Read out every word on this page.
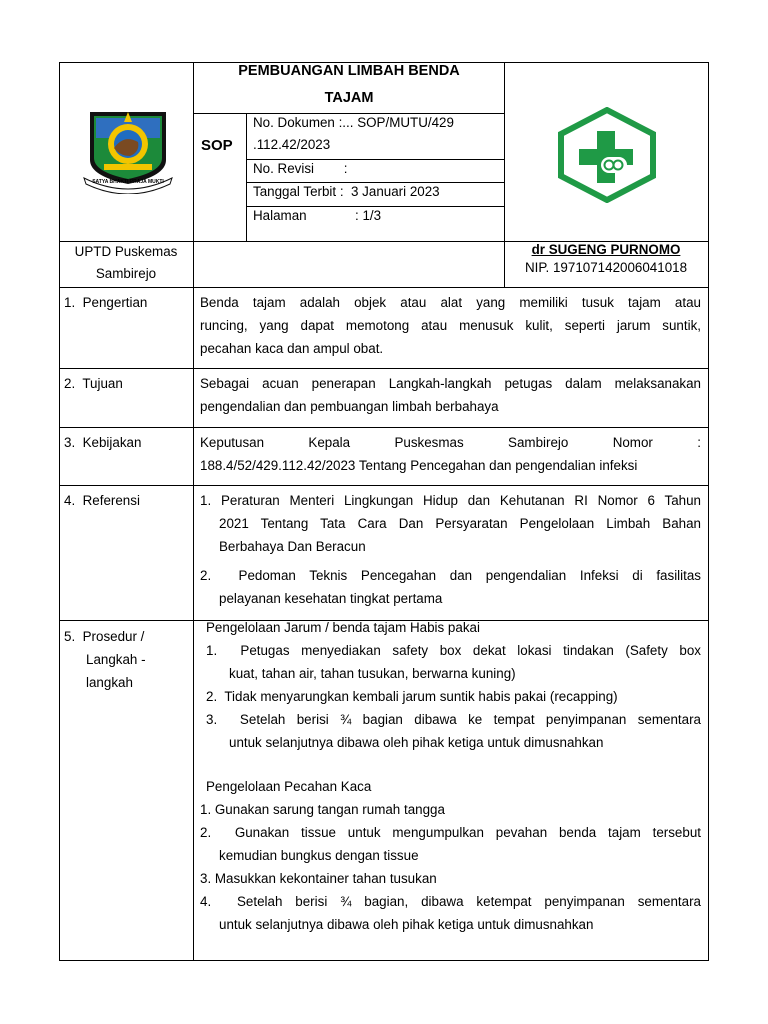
SATYA BHAKTI PRAJA MUKTI
PEMBUANGAN LIMBAH BENDA
TAJAM
SOP
No. Dokumen :... SOP/MUTU/429
.112.42/2023
No. Revisi        :
Tanggal Terbit :  3 Januari 2023
Halaman	: 1/3
UPTD Puskemas
Sambirejo
dr SUGENG PURNOMO
NIP. 197107142006041018
1.  Pengertian	Benda tajam adalah objek atau alat yang memiliki tusuk tajam atau
runcing, yang dapat memotong atau menusuk kulit, seperti jarum suntik,
pecahan kaca dan ampul obat.
2.  Tujuan	Sebagai acuan penerapan Langkah-langkah petugas dalam melaksanakan
pengendalian dan pembuangan limbah berbahaya
3.  Kebijakan	Keputusan	Kepala	Puskesmas	Sambirejo	Nomor	:
188.4/52/429.112.42/2023 Tentang Pencegahan dan pengendalian infeksi
4.  Referensi	1. Peraturan Menteri Lingkungan Hidup dan Kehutanan RI Nomor 6 Tahun
2021 Tentang Tata Cara Dan Persyaratan Pengelolaan Limbah Bahan
Berbahaya Dan Beracun
2.  Pedoman Teknis Pencegahan dan pengendalian Infeksi di fasilitas
pelayanan kesehatan tingkat pertama
5.  Prosedur /
Langkah -
langkah
Pengelolaan Jarum / benda tajam Habis pakai
1.  Petugas menyediakan safety box dekat lokasi tindakan (Safety box
kuat, tahan air, tahan tusukan, berwarna kuning)
2.  Tidak menyarungkan kembali jarum suntik habis pakai (recapping)
3.  Setelah berisi ¾ bagian dibawa ke tempat penyimpanan sementara
untuk selanjutnya dibawa oleh pihak ketiga untuk dimusnahkan
Pengelolaan Pecahan Kaca
1. Gunakan sarung tangan rumah tangga
2.  Gunakan tissue untuk mengumpulkan pevahan benda tajam tersebut
kemudian bungkus dengan tissue
3. Masukkan kekontainer tahan tusukan
4.  Setelah berisi ¾ bagian, dibawa ketempat penyimpanan sementara
untuk selanjutnya dibawa oleh pihak ketiga untuk dimusnahkan
